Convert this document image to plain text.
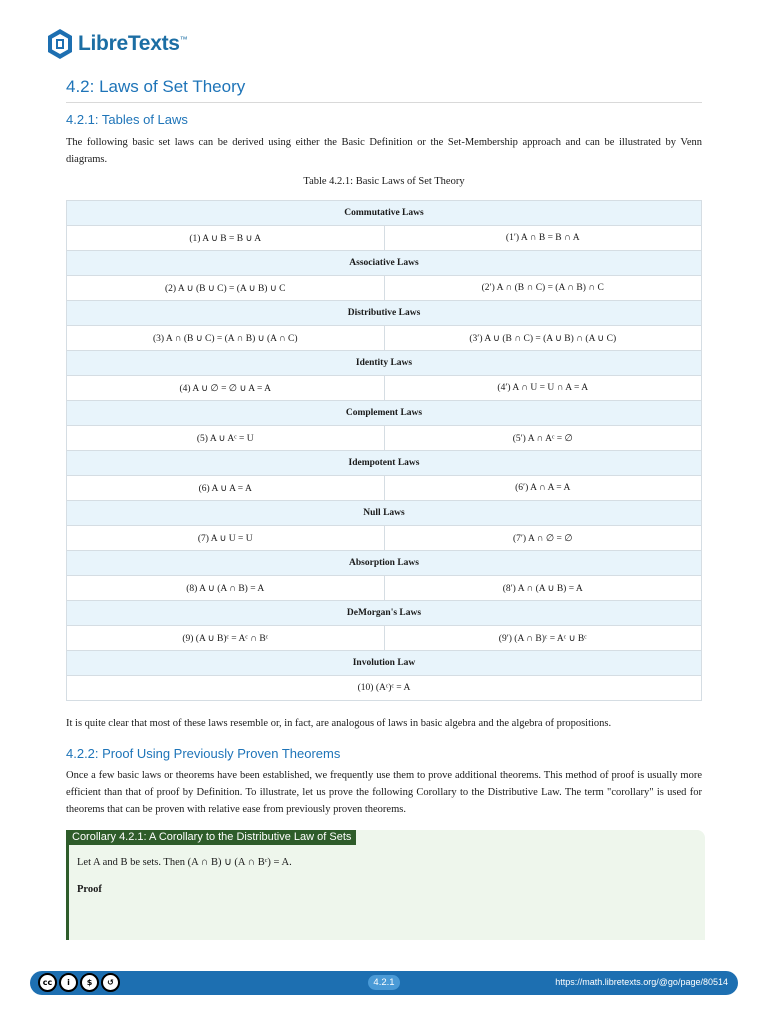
LibreTexts™
4.2: Laws of Set Theory
4.2.1: Tables of Laws

The following basic set laws can be derived using either the Basic Definition or the Set-Membership approach and can be illustrated by Venn diagrams.

Table 4.2.1: Basic Laws of Set Theory
Commutative Laws	
(1) A ∪ B = B ∪ A	(1′) A ∩ B = B ∩ A
Associative Laws	
(2) A ∪ (B ∪ C) = (A ∪ B) ∪ C	(2′) A ∩ (B ∩ C) = (A ∩ B) ∩ C
Distributive Laws	
(3) A ∩ (B ∪ C) = (A ∩ B) ∪ (A ∩ C)	(3′) A ∪ (B ∩ C) = (A ∪ B) ∩ (A ∪ C)
Identity Laws	
(4) A ∪ ∅ = ∅ ∪ A = A	(4′) A ∩ U = U ∩ A = A
Complement Laws	
(5) A ∪ Aᶜ = U	(5′) A ∩ Aᶜ = ∅
Idempotent Laws	
(6) A ∪ A = A	(6′) A ∩ A = A
Null Laws	
(7) A ∪ U = U	(7′) A ∩ ∅ = ∅
Absorption Laws	
(8) A ∪ (A ∩ B) = A	(8′) A ∩ (A ∪ B) = A
DeMorgan's Laws	
(9) (A ∪ B)ᶜ = Aᶜ ∩ Bᶜ	(9′) (A ∩ B)ᶜ = Aᶜ ∪ Bᶜ
Involution Law	
(10) (Aᶜ)ᶜ = A	

It is quite clear that most of these laws resemble or, in fact, are analogous of laws in basic algebra and the algebra of propositions.

4.2.2: Proof Using Previously Proven Theorems

Once a few basic laws or theorems have been established, we frequently use them to prove additional theorems. This method of proof is usually more efficient than that of proof by Definition. To illustrate, let us prove the following Corollary to the Distributive Law. The term "corollary" is used for theorems that can be proven with relative ease from previously proven theorems.

Corollary 4.2.1: A Corollary to the Distributive Law of Sets
Let A and B be sets. Then (A ∩ B) ∪ (A ∩ Bᶜ) = A.
Proof
cc	i	$	↺	4.2.1	https://math.libretexts.org/@go/page/80514
